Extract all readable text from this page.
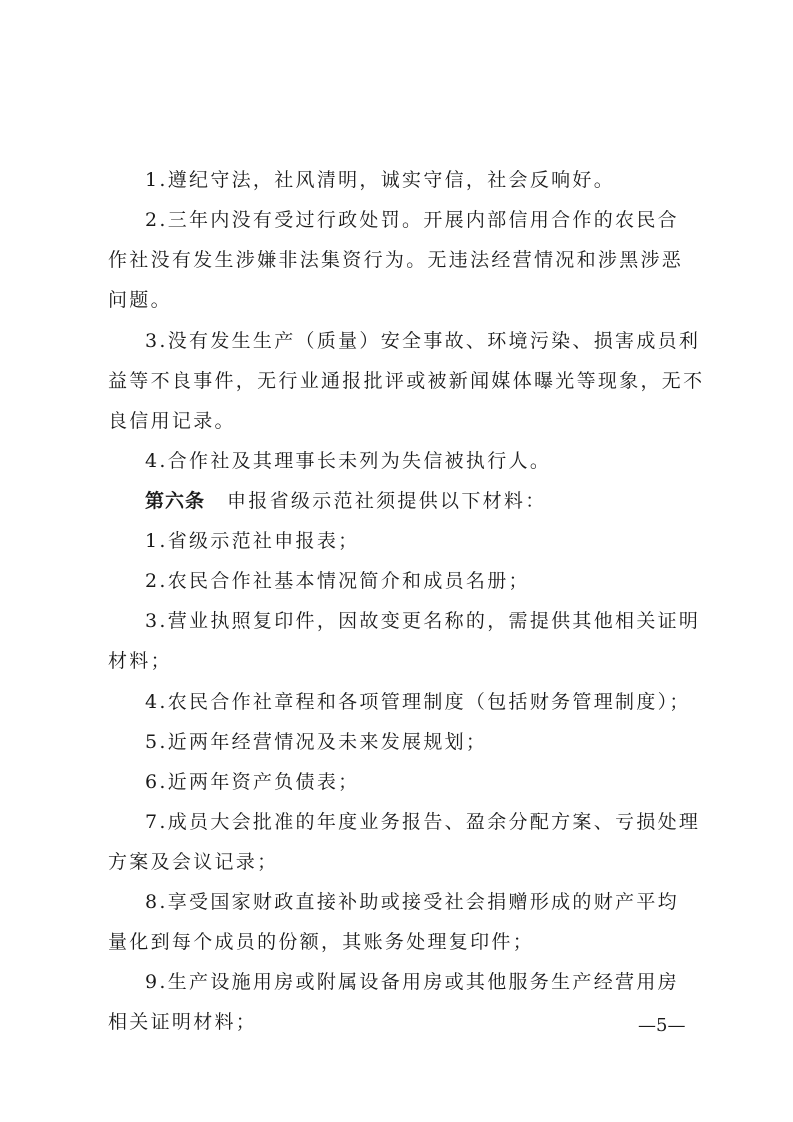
1.遵纪守法，社风清明，诚实守信，社会反响好。
2.三年内没有受过行政处罚。开展内部信用合作的农民合
作社没有发生涉嫌非法集资行为。无违法经营情况和涉黑涉恶
问题。
3.没有发生生产（质量）安全事故、环境污染、损害成员利
益等不良事件，无行业通报批评或被新闻媒体曝光等现象，无不
良信用记录。
4.合作社及其理事长未列为失信被执行人。
第六条 申报省级示范社须提供以下材料：
1.省级示范社申报表；
2.农民合作社基本情况简介和成员名册；
3.营业执照复印件，因故变更名称的，需提供其他相关证明
材料；
4.农民合作社章程和各项管理制度（包括财务管理制度）；
5.近两年经营情况及未来发展规划；
6.近两年资产负债表；
7.成员大会批准的年度业务报告、盈余分配方案、亏损处理
方案及会议记录；
8.享受国家财政直接补助或接受社会捐赠形成的财产平均
量化到每个成员的份额，其账务处理复印件；
9.生产设施用房或附属设备用房或其他服务生产经营用房
相关证明材料；	—5—
